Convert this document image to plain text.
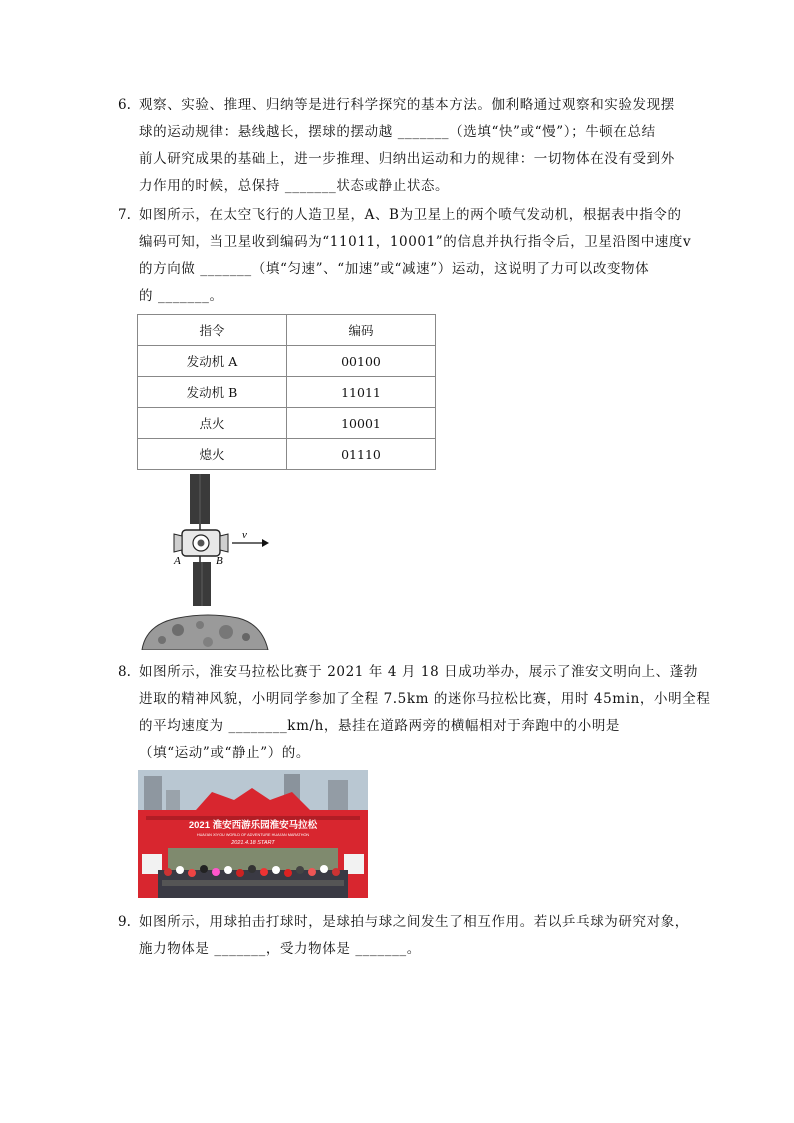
6. 观察、实验、推理、归纳等是进行科学探究的基本方法。伽利略通过观察和实验发现摆
球的运动规律：悬线越长，摆球的摆动越 _______（选填“快”或“慢”）；牛顿在总结
前人研究成果的基础上，进一步推理、归纳出运动和力的规律：一切物体在没有受到外
力作用的时候，总保持 _______状态或静止状态。
7. 如图所示，在太空飞行的人造卫星，A、B为卫星上的两个喷气发动机，根据表中指令的
编码可知，当卫星收到编码为“11011，10001”的信息并执行指令后，卫星沿图中速度v
的方向做 _______（填“匀速”、“加速”或“减速”）运动，这说明了力可以改变物体
的 _______。
指令	编码
发动机 A	00100
发动机 B	11011
点火	10001
熄火	01110
v
A	B
8. 如图所示，淮安马拉松比赛于 2021 年 4 月 18 日成功举办，展示了淮安文明向上、蓬勃
进取的精神风貌，小明同学参加了全程 7.5km 的迷你马拉松比赛，用时 45min，小明全程
的平均速度为 ________km/h，悬挂在道路两旁的横幅相对于奔跑中的小明是
（填“运动”或“静止”）的。
2021 淮安西游乐园淮安马拉松
HUAI'AN XIYOU WORLD OF ADVENTURE HUAI'AN MARATHON
2021.4.18 START
9. 如图所示，用球拍击打球时，是球拍与球之间发生了相互作用。若以乒乓球为研究对象，
施力物体是 _______，受力物体是 _______。
